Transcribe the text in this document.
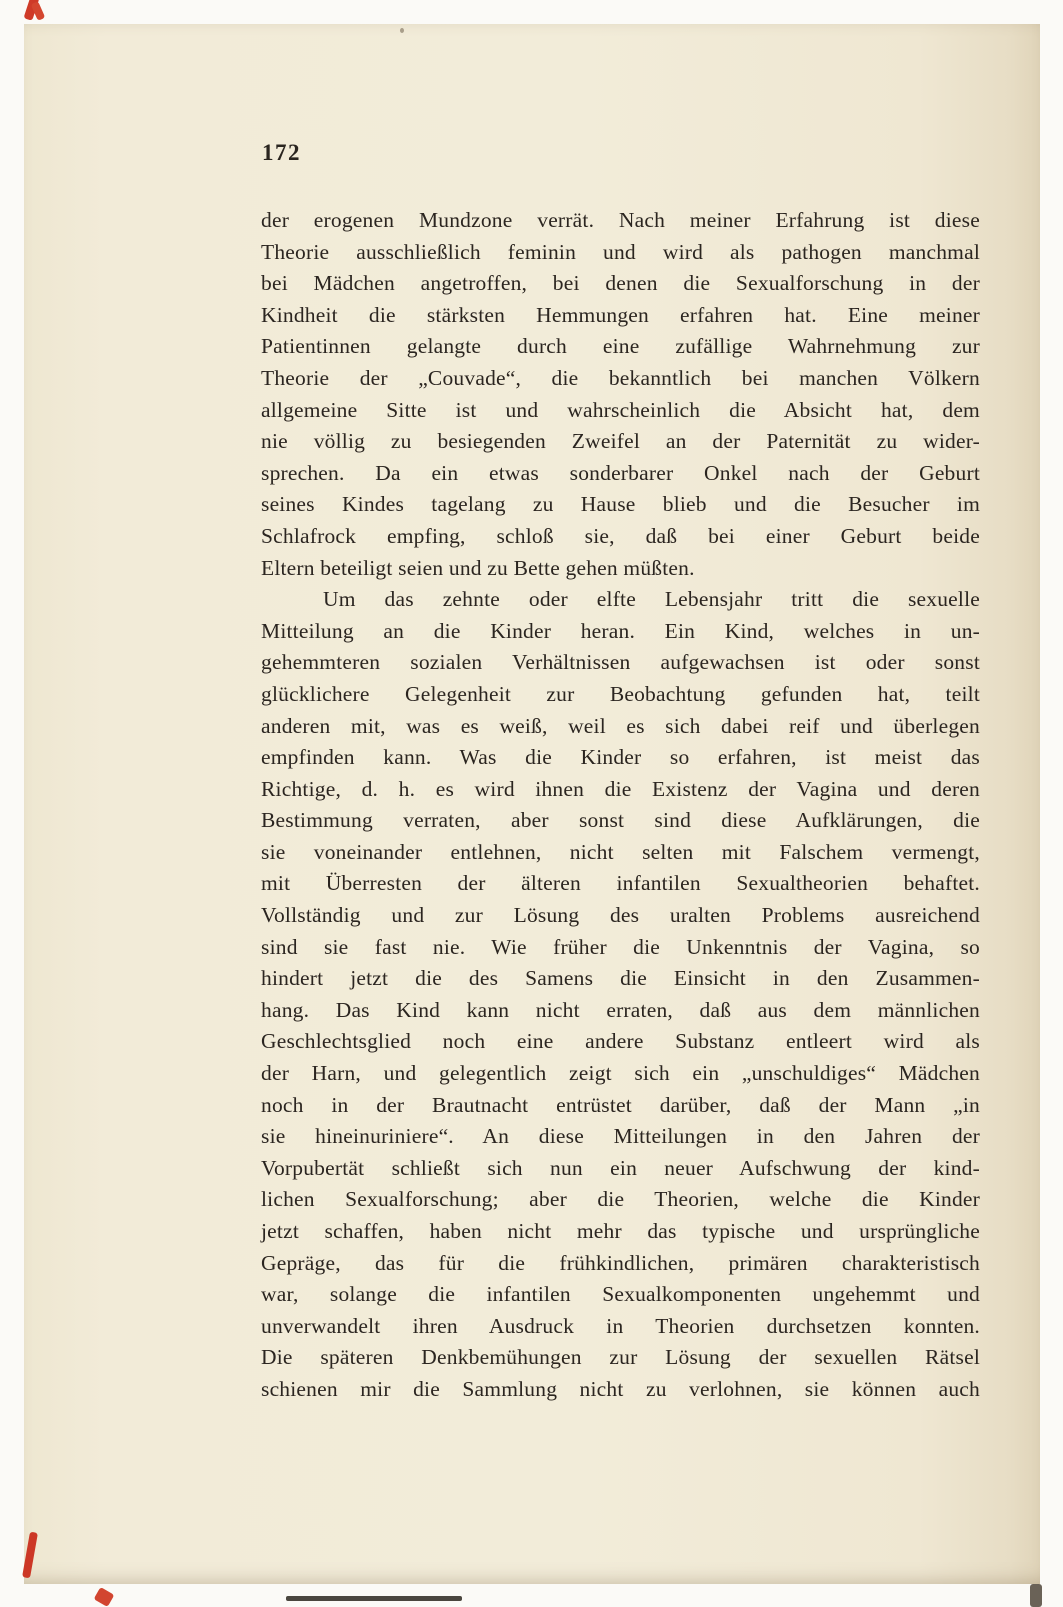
172
der erogenen Mundzone verrät. Nach meiner Erfahrung ist diese
Theorie ausschließlich feminin und wird als pathogen manchmal
bei Mädchen angetroffen, bei denen die Sexualforschung in der
Kindheit die stärksten Hemmungen erfahren hat. Eine meiner
Patientinnen gelangte durch eine zufällige Wahrnehmung zur
Theorie der „Couvade“, die bekanntlich bei manchen Völkern
allgemeine Sitte ist und wahrscheinlich die Absicht hat, dem
nie völlig zu besiegenden Zweifel an der Paternität zu wider-
sprechen. Da ein etwas sonderbarer Onkel nach der Geburt
seines Kindes tagelang zu Hause blieb und die Besucher im
Schlafrock empfing, schloß sie, daß bei einer Geburt beide
Eltern beteiligt seien und zu Bette gehen müßten.
Um das zehnte oder elfte Lebensjahr tritt die sexuelle
Mitteilung an die Kinder heran. Ein Kind, welches in un-
gehemmteren sozialen Verhältnissen aufgewachsen ist oder sonst
glücklichere Gelegenheit zur Beobachtung gefunden hat, teilt
anderen mit, was es weiß, weil es sich dabei reif und überlegen
empfinden kann. Was die Kinder so erfahren, ist meist das
Richtige, d. h. es wird ihnen die Existenz der Vagina und deren
Bestimmung verraten, aber sonst sind diese Aufklärungen, die
sie voneinander entlehnen, nicht selten mit Falschem vermengt,
mit Überresten der älteren infantilen Sexualtheorien behaftet.
Vollständig und zur Lösung des uralten Problems ausreichend
sind sie fast nie. Wie früher die Unkenntnis der Vagina, so
hindert jetzt die des Samens die Einsicht in den Zusammen-
hang. Das Kind kann nicht erraten, daß aus dem männlichen
Geschlechtsglied noch eine andere Substanz entleert wird als
der Harn, und gelegentlich zeigt sich ein „unschuldiges“ Mädchen
noch in der Brautnacht entrüstet darüber, daß der Mann „in
sie hineinuriniere“. An diese Mitteilungen in den Jahren der
Vorpubertät schließt sich nun ein neuer Aufschwung der kind-
lichen Sexualforschung; aber die Theorien, welche die Kinder
jetzt schaffen, haben nicht mehr das typische und ursprüngliche
Gepräge, das für die frühkindlichen, primären charakteristisch
war, solange die infantilen Sexualkomponenten ungehemmt und
unverwandelt ihren Ausdruck in Theorien durchsetzen konnten.
Die späteren Denkbemühungen zur Lösung der sexuellen Rätsel
schienen mir die Sammlung nicht zu verlohnen, sie können auch
